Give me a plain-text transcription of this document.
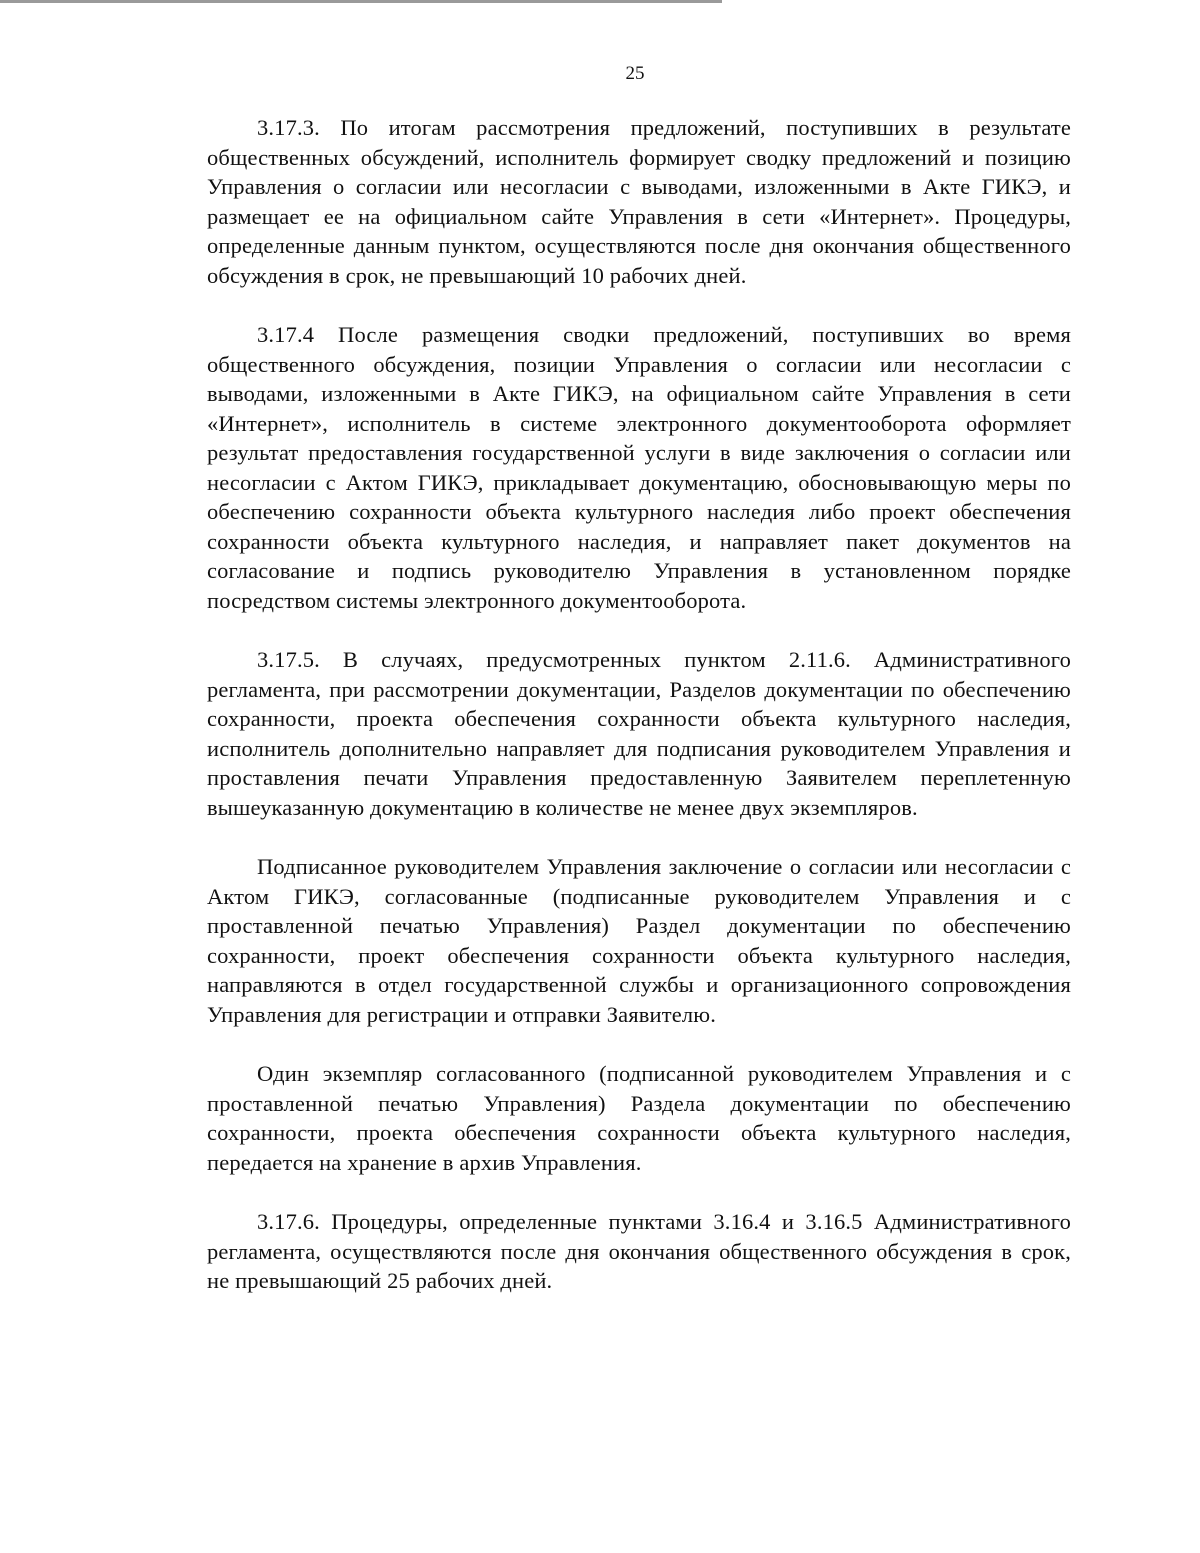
25

3.17.3. По итогам рассмотрения предложений, поступивших в результате общественных обсуждений, исполнитель формирует сводку предложений и позицию Управления о согласии или несогласии с выводами, изложенными в Акте ГИКЭ, и размещает ее на официальном сайте Управления в сети «Интернет». Процедуры, определенные данным пунктом, осуществляются после дня окончания общественного обсуждения в срок, не превышающий 10 рабочих дней.

3.17.4 После размещения сводки предложений, поступивших во время общественного обсуждения, позиции Управления о согласии или несогласии с выводами, изложенными в Акте ГИКЭ, на официальном сайте Управления в сети «Интернет», исполнитель в системе электронного документооборота оформляет результат предоставления государственной услуги в виде заключения о согласии или несогласии с Актом ГИКЭ, прикладывает документацию, обосновывающую меры по обеспечению сохранности объекта культурного наследия либо проект обеспечения сохранности объекта культурного наследия, и направляет пакет документов на согласование и подпись руководителю Управления в установленном порядке посредством системы электронного документооборота.

3.17.5. В случаях, предусмотренных пунктом 2.11.6. Административного регламента, при рассмотрении документации, Разделов документации по обеспечению сохранности, проекта обеспечения сохранности объекта культурного наследия, исполнитель дополнительно направляет для подписания руководителем Управления и проставления печати Управления предоставленную Заявителем переплетенную вышеуказанную документацию в количестве не менее двух экземпляров.

Подписанное руководителем Управления заключение о согласии или несогласии с Актом ГИКЭ, согласованные (подписанные руководителем Управления и с проставленной печатью Управления) Раздел документации по обеспечению сохранности, проект обеспечения сохранности объекта культурного наследия, направляются в отдел государственной службы и организационного сопровождения Управления для регистрации и отправки Заявителю.

Один экземпляр согласованного (подписанной руководителем Управления и с проставленной печатью Управления) Раздела документации по обеспечению сохранности, проекта обеспечения сохранности объекта культурного наследия, передается на хранение в архив Управления.

3.17.6. Процедуры, определенные пунктами 3.16.4 и 3.16.5 Административного регламента, осуществляются после дня окончания общественного обсуждения в срок, не превышающий 25 рабочих дней.
